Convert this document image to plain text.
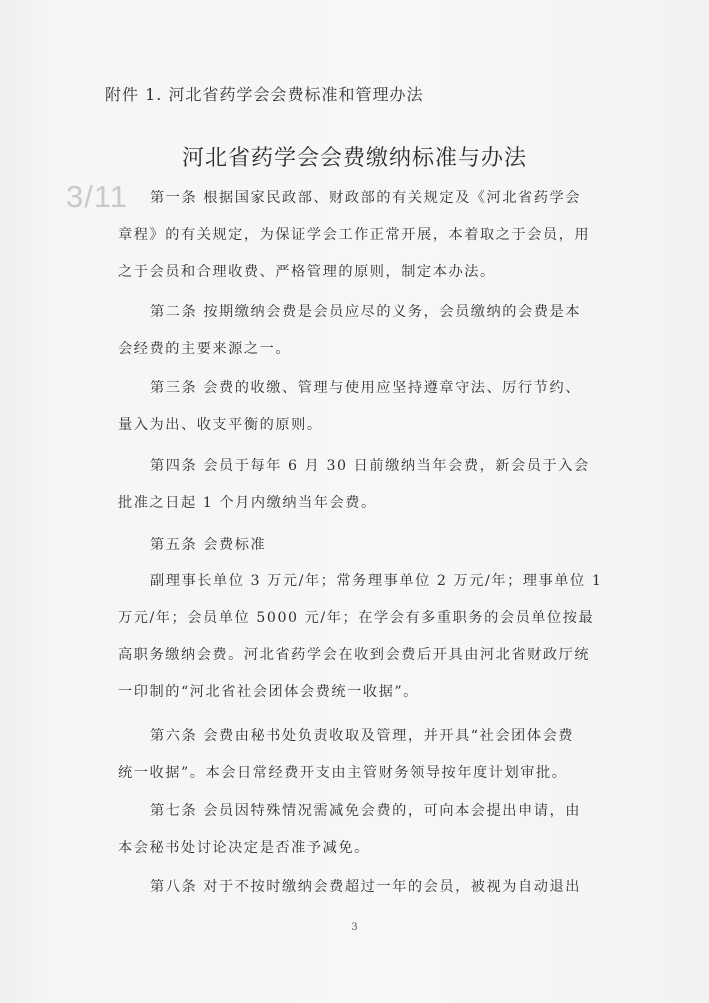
附件 1. 河北省药学会会费标准和管理办法
河北省药学会会费缴纳标准与办法
3/11	第一条 根据国家民政部、财政部的有关规定及《河北省药学会
章程》的有关规定，为保证学会工作正常开展，本着取之于会员，用
之于会员和合理收费、严格管理的原则，制定本办法。
第二条 按期缴纳会费是会员应尽的义务，会员缴纳的会费是本
会经费的主要来源之一。
第三条 会费的收缴、管理与使用应坚持遵章守法、厉行节约、
量入为出、收支平衡的原则。
第四条 会员于每年 6 月 30 日前缴纳当年会费，新会员于入会
批准之日起 1 个月内缴纳当年会费。
第五条 会费标准
副理事长单位 3 万元/年；常务理事单位 2 万元/年；理事单位 1
万元/年；会员单位 5000 元/年；在学会有多重职务的会员单位按最
高职务缴纳会费。河北省药学会在收到会费后开具由河北省财政厅统
一印制的“河北省社会团体会费统一收据”。
第六条 会费由秘书处负责收取及管理，并开具“社会团体会费
统一收据”。本会日常经费开支由主管财务领导按年度计划审批。
第七条 会员因特殊情况需减免会费的，可向本会提出申请，由
本会秘书处讨论决定是否准予减免。
第八条 对于不按时缴纳会费超过一年的会员，被视为自动退出
3
